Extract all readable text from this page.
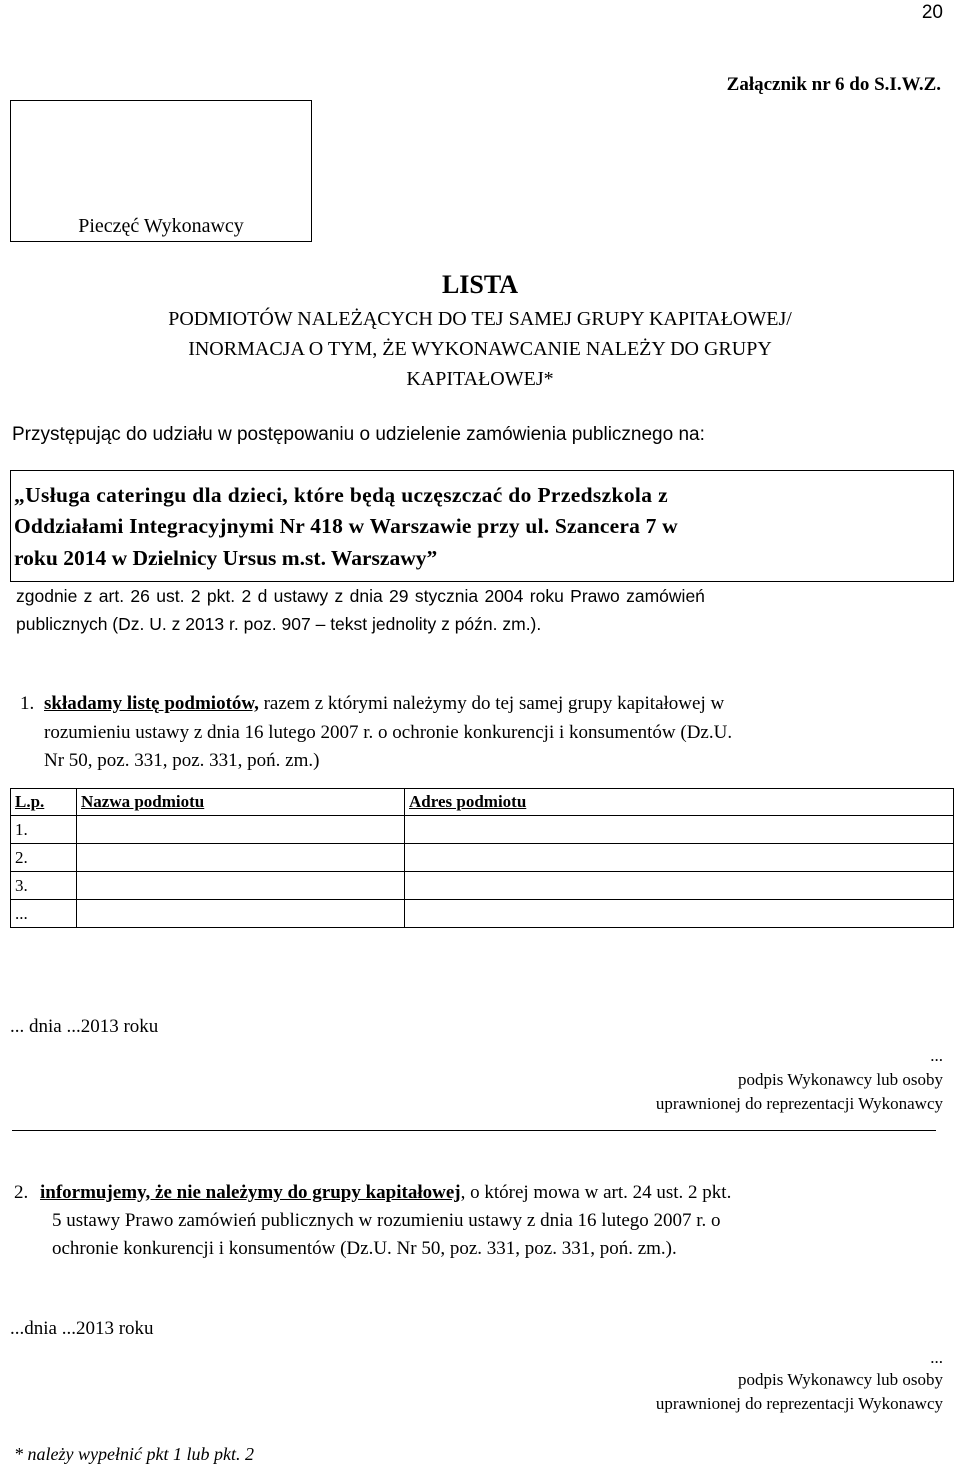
20
Załącznik nr 6 do S.I.W.Z.
Pieczęć Wykonawcy
LISTA
PODMIOTÓW NALEŻĄCYCH DO TEJ SAMEJ GRUPY KAPITAŁOWEJ/
INORMACJA O TYM, ŻE WYKONAWCANIE NALEŻY DO GRUPY
KAPITAŁOWEJ*
Przystępując do udziału w postępowaniu o udzielenie zamówienia publicznego na:
„Usługa cateringu dla dzieci, które będą uczęszczać do Przedszkola z
Oddziałami Integracyjnymi Nr 418 w Warszawie przy ul. Szancera 7 w
roku 2014 w Dzielnicy Ursus m.st. Warszawy”
zgodnie z art. 26 ust. 2 pkt. 2 d ustawy z dnia 29 stycznia 2004 roku Prawo zamówień
publicznych (Dz. U. z 2013 r. poz. 907 – tekst jednolity z późn. zm.).
1. składamy listę podmiotów, razem z którymi należymy do tej samej grupy kapitałowej w
rozumieniu ustawy z dnia 16 lutego 2007 r. o ochronie konkurencji i konsumentów (Dz.U.
Nr 50, poz. 331, poz. 331, poń. zm.)
L.p.	Nazwa podmiotu	Adres podmiotu
1.		
2.		
3.		
...		
... dnia ...2013 roku
...
podpis Wykonawcy lub osoby
uprawnionej do reprezentacji Wykonawcy
2. informujemy, że nie należymy do grupy kapitałowej, o której mowa w art. 24 ust. 2 pkt.
5 ustawy Prawo zamówień publicznych w rozumieniu ustawy z dnia 16 lutego 2007 r. o
ochronie konkurencji i konsumentów (Dz.U. Nr 50, poz. 331, poz. 331, poń. zm.).
...dnia ...2013 roku
...
podpis Wykonawcy lub osoby
uprawnionej do reprezentacji Wykonawcy
* należy wypełnić pkt 1 lub pkt. 2
